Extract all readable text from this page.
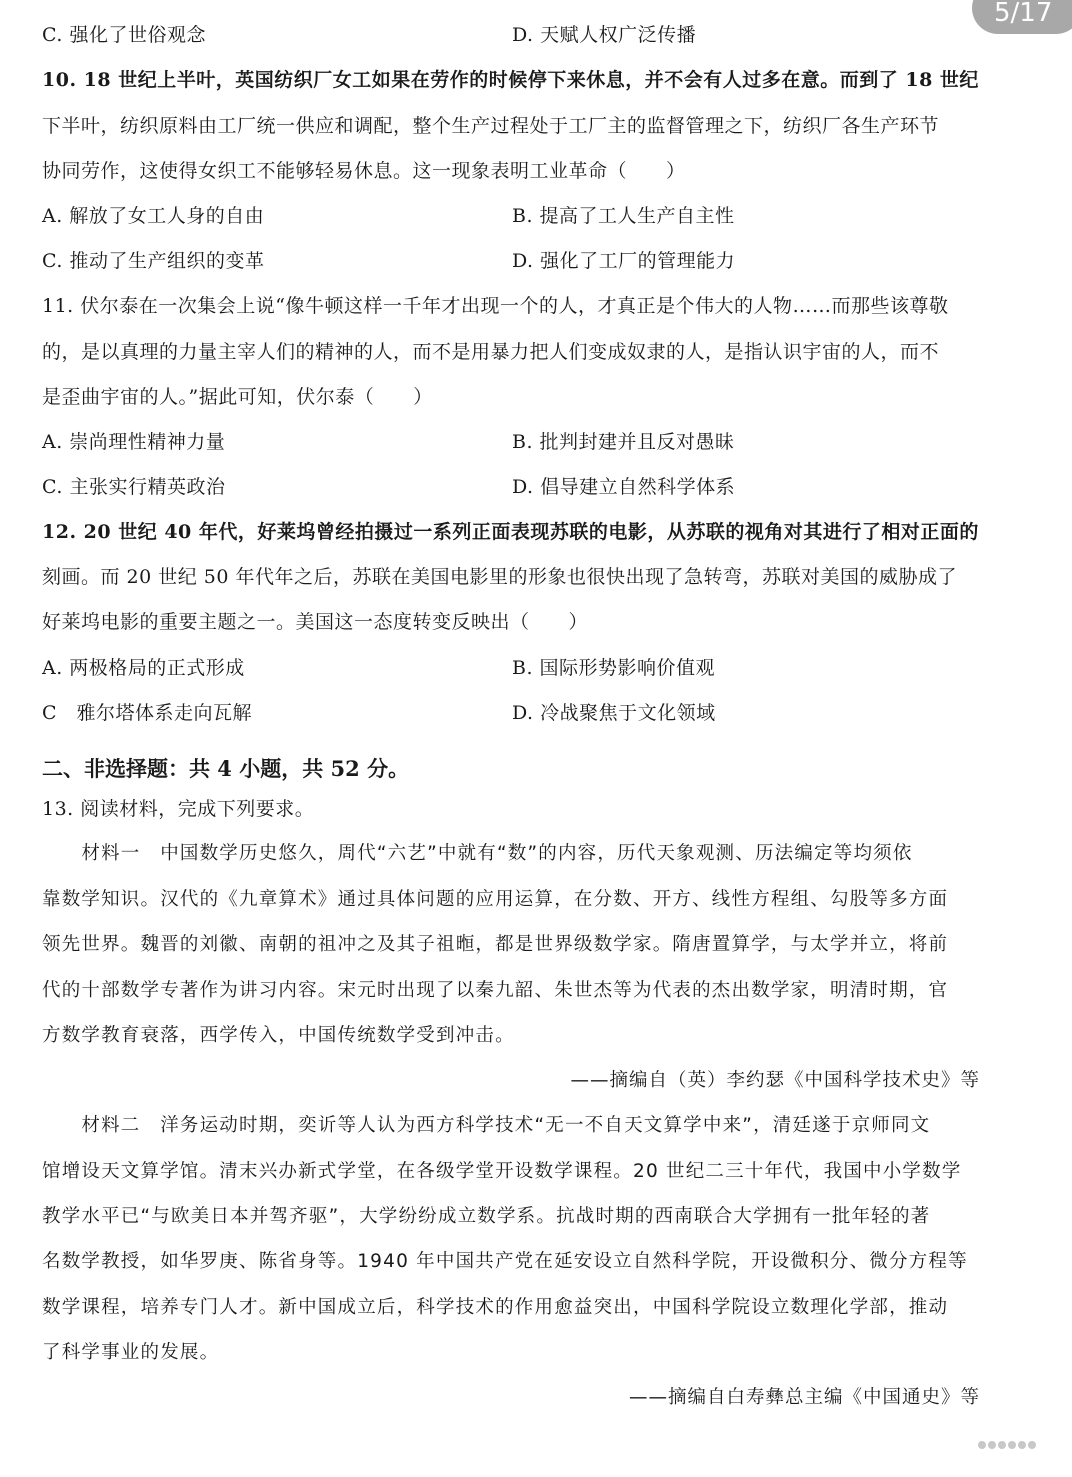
5/17
C. 强化了世俗观念	D. 天赋人权广泛传播
10. 18 世纪上半叶，英国纺织厂女工如果在劳作的时候停下来休息，并不会有人过多在意。而到了 18 世纪
下半叶，纺织原料由工厂统一供应和调配，整个生产过程处于工厂主的监督管理之下，纺织厂各生产环节
协同劳作，这使得女织工不能够轻易休息。这一现象表明工业革命（　　）
A. 解放了女工人身的自由	B. 提高了工人生产自主性
C. 推动了生产组织的变革	D. 强化了工厂的管理能力
11. 伏尔泰在一次集会上说“像牛顿这样一千年才出现一个的人，才真正是个伟大的人物……而那些该尊敬
的，是以真理的力量主宰人们的精神的人，而不是用暴力把人们变成奴隶的人，是指认识宇宙的人，而不
是歪曲宇宙的人。”据此可知，伏尔泰（　　）
A. 崇尚理性精神力量	B. 批判封建并且反对愚昧
C. 主张实行精英政治	D. 倡导建立自然科学体系
12. 20 世纪 40 年代，好莱坞曾经拍摄过一系列正面表现苏联的电影，从苏联的视角对其进行了相对正面的
刻画。而 20 世纪 50 年代年之后，苏联在美国电影里的形象也很快出现了急转弯，苏联对美国的威胁成了
好莱坞电影的重要主题之一。美国这一态度转变反映出（　　）
A. 两极格局的正式形成	B. 国际形势影响价值观
C　雅尔塔体系走向瓦解	D. 冷战聚焦于文化领域
二、非选择题：共 4 小题，共 52 分。
13. 阅读材料，完成下列要求。
　　材料一　中国数学历史悠久，周代“六艺”中就有“数”的内容，历代天象观测、历法编定等均须依
靠数学知识。汉代的《九章算术》通过具体问题的应用运算，在分数、开方、线性方程组、勾股等多方面
领先世界。魏晋的刘徽、南朝的祖冲之及其子祖暅，都是世界级数学家。隋唐置算学，与太学并立，将前
代的十部数学专著作为讲习内容。宋元时出现了以秦九韶、朱世杰等为代表的杰出数学家，明清时期，官
方数学教育衰落，西学传入，中国传统数学受到冲击。
——摘编自（英）李约瑟《中国科学技术史》等
　　材料二　洋务运动时期，奕䜣等人认为西方科学技术“无一不自天文算学中来”，清廷遂于京师同文
馆增设天文算学馆。清末兴办新式学堂，在各级学堂开设数学课程。20 世纪二三十年代，我国中小学数学
教学水平已“与欧美日本并驾齐驱”，大学纷纷成立数学系。抗战时期的西南联合大学拥有一批年轻的著
名数学教授，如华罗庚、陈省身等。1940 年中国共产党在延安设立自然科学院，开设微积分、微分方程等
数学课程，培养专门人才。新中国成立后，科学技术的作用愈益突出，中国科学院设立数理化学部，推动
了科学事业的发展。
——摘编自白寿彝总主编《中国通史》等
